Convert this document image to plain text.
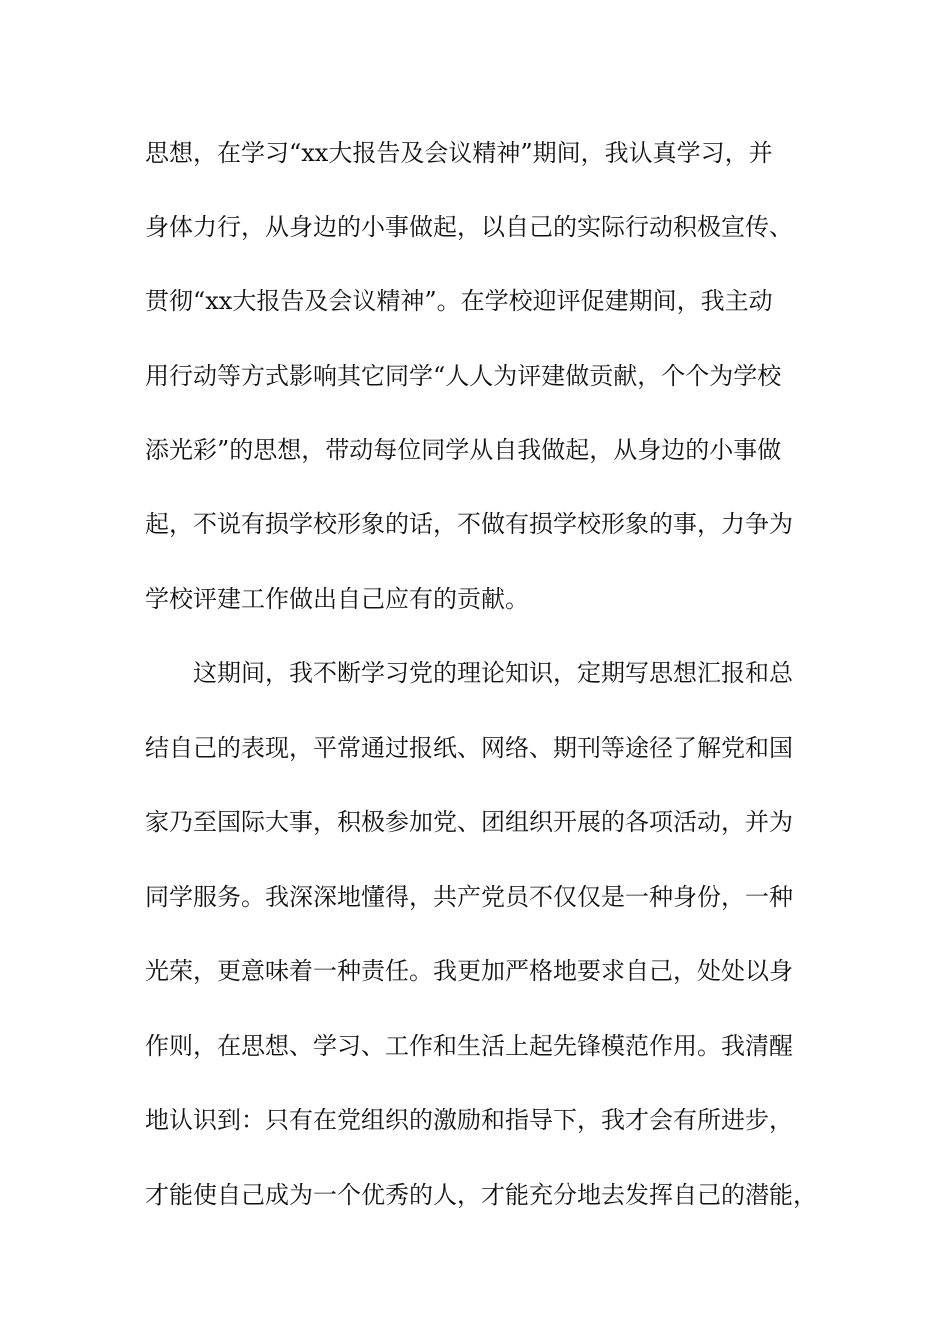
思想，在学习“xx大报告及会议精神”期间，我认真学习，并
身体力行，从身边的小事做起，以自己的实际行动积极宣传、
贯彻“xx大报告及会议精神”。在学校迎评促建期间，我主动
用行动等方式影响其它同学“人人为评建做贡献，个个为学校
添光彩”的思想，带动每位同学从自我做起，从身边的小事做
起，不说有损学校形象的话，不做有损学校形象的事，力争为
学校评建工作做出自己应有的贡献。
这期间，我不断学习党的理论知识，定期写思想汇报和总
结自己的表现，平常通过报纸、网络、期刊等途径了解党和国
家乃至国际大事，积极参加党、团组织开展的各项活动，并为
同学服务。我深深地懂得，共产党员不仅仅是一种身份，一种
光荣，更意味着一种责任。我更加严格地要求自己，处处以身
作则，在思想、学习、工作和生活上起先锋模范作用。我清醒
地认识到：只有在党组织的激励和指导下，我才会有所进步，
才能使自己成为一个优秀的人，才能充分地去发挥自己的潜能，
